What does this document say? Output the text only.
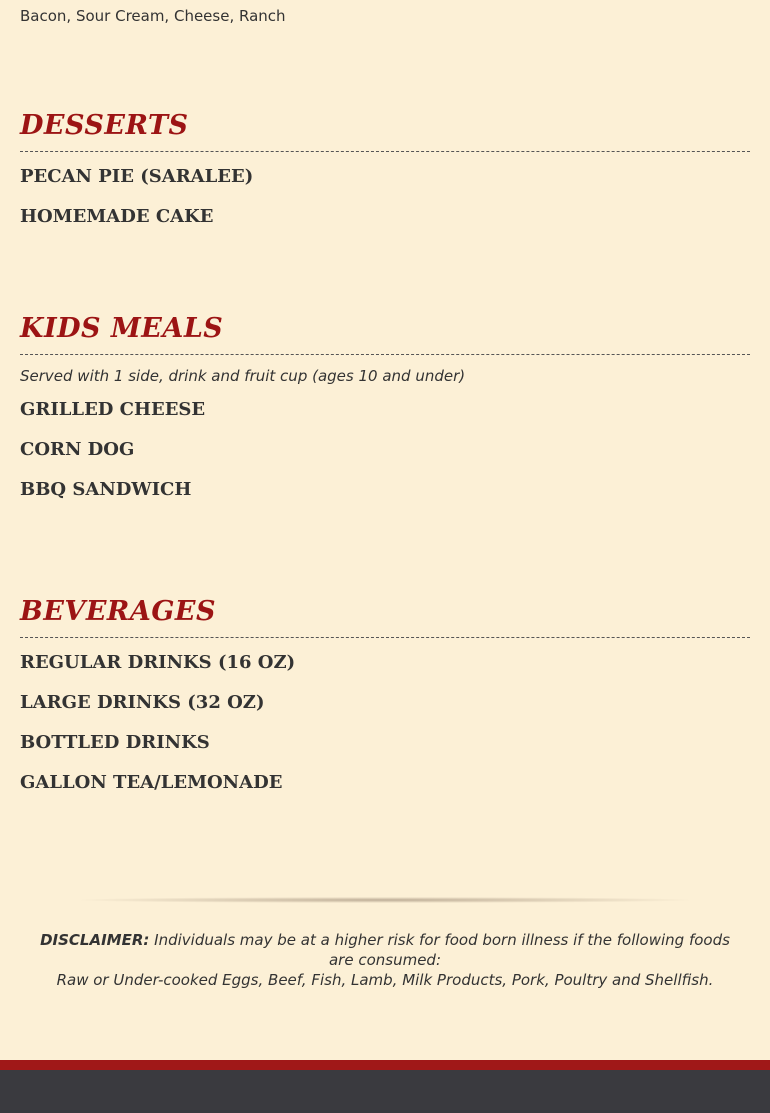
Bacon, Sour Cream, Cheese, Ranch
DESSERTS
PECAN PIE (SARALEE)
HOMEMADE CAKE
KIDS MEALS
Served with 1 side, drink and fruit cup (ages 10 and under)
GRILLED CHEESE
CORN DOG
BBQ SANDWICH
BEVERAGES
REGULAR DRINKS (16 OZ)
LARGE DRINKS (32 OZ)
BOTTLED DRINKS
GALLON TEA/LEMONADE
DISCLAIMER: Individuals may be at a higher risk for food born illness if the following foods are consumed:
Raw or Under-cooked Eggs, Beef, Fish, Lamb, Milk Products, Pork, Poultry and Shellfish.
